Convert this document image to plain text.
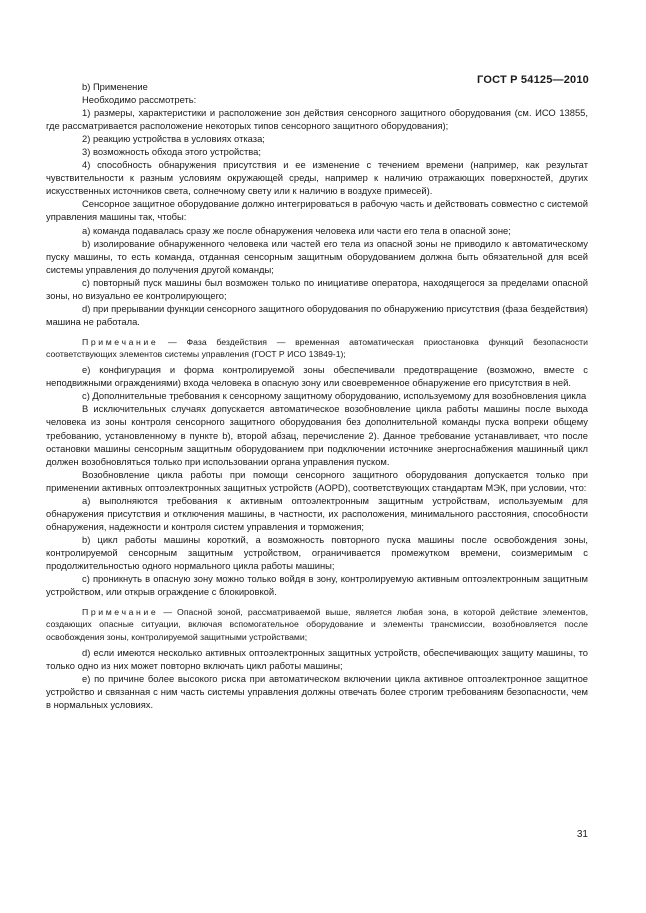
ГОСТ Р 54125—2010

b) Применение

Необходимо рассмотреть:

1) размеры, характеристики и расположение зон действия сенсорного защитного оборудования (см. ИСО 13855, где рассматривается расположение некоторых типов сенсорного защитного оборудования);

2) реакцию устройства в условиях отказа;

3) возможность обхода этого устройства;

4) способность обнаружения присутствия и ее изменение с течением времени (например, как результат чувствительности к разным условиям окружающей среды, например к наличию отражающих поверхностей, других искусственных источников света, солнечному свету или к наличию в воздухе примесей).

Сенсорное защитное оборудование должно интегрироваться в рабочую часть и действовать совместно с системой управления машины так, чтобы:

а) команда подавалась сразу же после обнаружения человека или части его тела в опасной зоне;

b) изолирование обнаруженного человека или частей его тела из опасной зоны не приводило к автоматическому пуску машины, то есть команда, отданная сенсорным защитным оборудованием должна быть обязательной для всей системы управления до получения другой команды;

с) повторный пуск машины был возможен только по инициативе оператора, находящегося за пределами опасной зоны, но визуально ее контролирующего;

d) при прерывании функции сенсорного защитного оборудования по обнаружению присутствия (фаза бездействия) машина не работала.

Примечание — Фаза бездействия — временная автоматическая приостановка функций безопасности соответствующих элементов системы управления (ГОСТ Р ИСО 13849-1);

е) конфигурация и форма контролируемой зоны обеспечивали предотвращение (возможно, вместе с неподвижными ограждениями) входа человека в опасную зону или своевременное обнаружение его присутствия в ней.

с) Дополнительные требования к сенсорному защитному оборудованию, используемому для возобновления цикла

В исключительных случаях допускается автоматическое возобновление цикла работы машины после выхода человека из зоны контроля сенсорного защитного оборудования без дополнительной команды пуска вопреки общему требованию, установленному в пункте b), второй абзац, перечисление 2). Данное требование устанавливает, что после остановки машины сенсорным защитным оборудованием при подключении источнике энергоснабжения машинный цикл должен возобновляться только при использовании органа управления пуском.

Возобновление цикла работы при помощи сенсорного защитного оборудования допускается только при применении активных оптоэлектронных защитных устройств (AOPD), соответствующих стандартам МЭК, при условии, что:

а) выполняются требования к активным оптоэлектронным защитным устройствам, используемым для обнаружения присутствия и отключения машины, в частности, их расположения, минимального расстояния, способности обнаружения, надежности и контроля систем управления и торможения;

b) цикл работы машины короткий, а возможность повторного пуска машины после освобождения зоны, контролируемой сенсорным защитным устройством, ограничивается промежутком времени, соизмеримым с продолжительностью одного нормального цикла работы машины;

с) проникнуть в опасную зону можно только войдя в зону, контролируемую активным оптоэлектронным защитным устройством, или открыв ограждение с блокировкой.

Примечание — Опасной зоной, рассматриваемой выше, является любая зона, в которой действие элементов, создающих опасные ситуации, включая вспомогательное оборудование и элементы трансмиссии, возобновляется после освобождения зоны, контролируемой защитными устройствами;

d) если имеются несколько активных оптоэлектронных защитных устройств, обеспечивающих защиту машины, то только одно из них может повторно включать цикл работы машины;

е) по причине более высокого риска при автоматическом включении цикла активное оптоэлектронное защитное устройство и связанная с ним часть системы управления должны отвечать более строгим требованиям безопасности, чем в нормальных условиях.

31
